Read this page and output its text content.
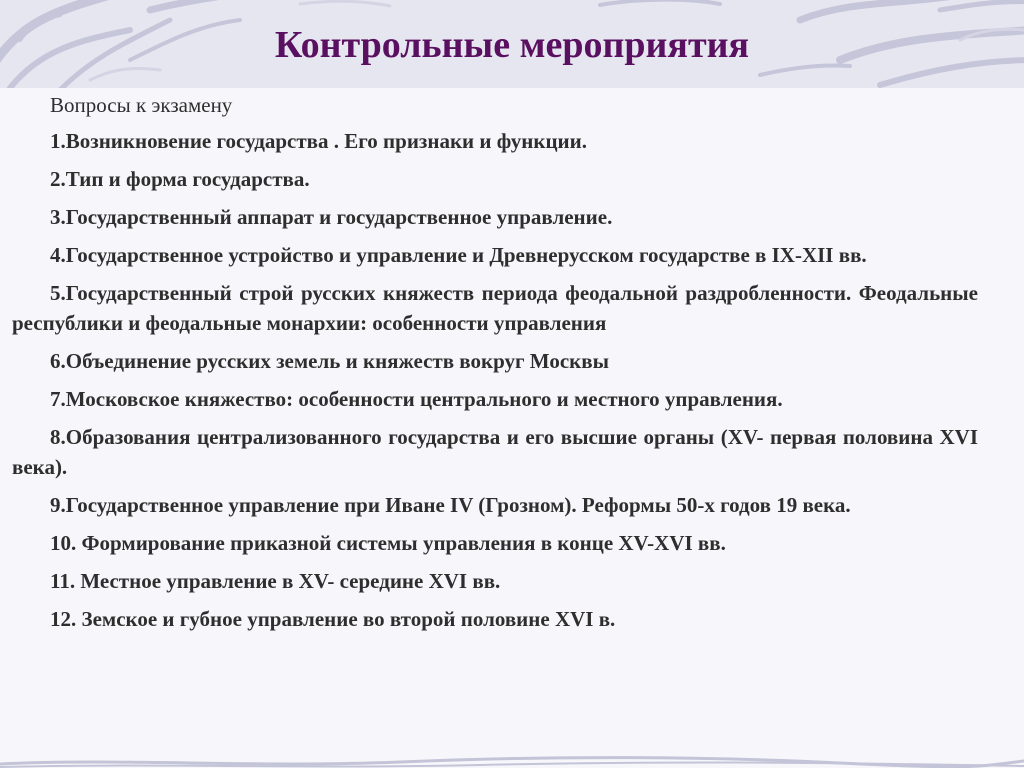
Контрольные мероприятия
Вопросы к экзамену
1.Возникновение государства . Его признаки и функции.
2.Тип и форма государства.
3.Государственный аппарат и государственное управление.
4.Государственное устройство и управление и Древнерусском государстве в IX-XII вв.
5.Государственный строй русских княжеств периода феодальной раздробленности. Феодальные республики и феодальные монархии: особенности управления
6.Объединение русских земель и княжеств вокруг Москвы
7.Московское княжество: особенности центрального и местного управления.
8.Образования централизованного государства и его высшие органы (XV- первая половина XVI века).
9.Государственное управление при Иване IV (Грозном). Реформы 50-х годов 19 века.
10. Формирование приказной системы управления в конце XV-XVI вв.
11. Местное управление в XV- середине XVI вв.
12. Земское и губное управление во второй половине XVI в.
